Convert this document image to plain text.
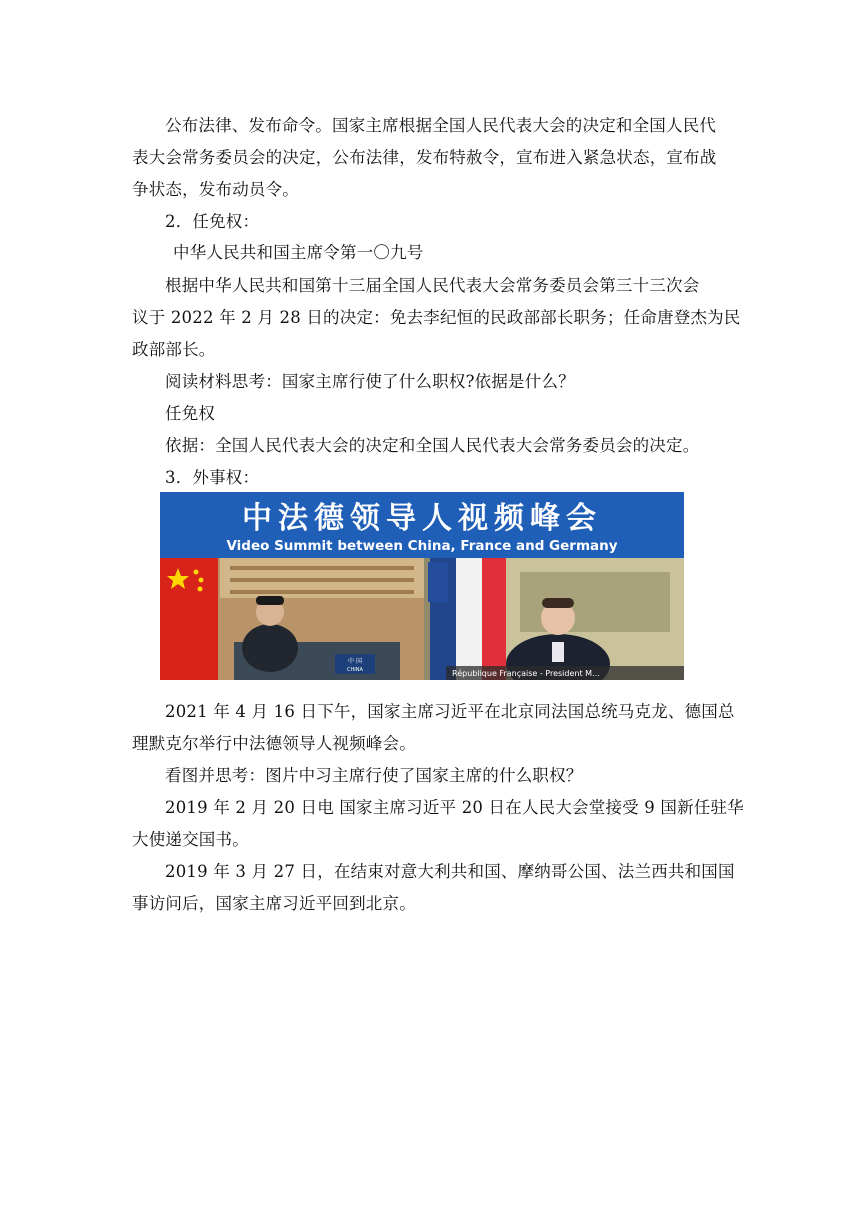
公布法律、发布命令。国家主席根据全国人民代表大会的决定和全国人民代
表大会常务委员会的决定，公布法律，发布特赦令，宣布进入紧急状态，宣布战
争状态，发布动员令。
2．任免权：
中华人民共和国主席令第一〇九号
根据中华人民共和国第十三届全国人民代表大会常务委员会第三十三次会
议于 2022 年 2 月 28 日的决定：免去李纪恒的民政部部长职务；任命唐登杰为民
政部部长。
阅读材料思考：国家主席行使了什么职权?依据是什么？
任免权
依据：全国人民代表大会的决定和全国人民代表大会常务委员会的决定。
3．外事权：
中法德领导人视频峰会
Video Summit between China, France and Germany
中 国
CHINA	République Française - President M...
2021 年 4 月 16 日下午，国家主席习近平在北京同法国总统马克龙、德国总
理默克尔举行中法德领导人视频峰会。
看图并思考：图片中习主席行使了国家主席的什么职权？
2019 年 2 月 20 日电 国家主席习近平 20 日在人民大会堂接受 9 国新任驻华
大使递交国书。
2019 年 3 月 27 日，在结束对意大利共和国、摩纳哥公国、法兰西共和国国
事访问后，国家主席习近平回到北京。
